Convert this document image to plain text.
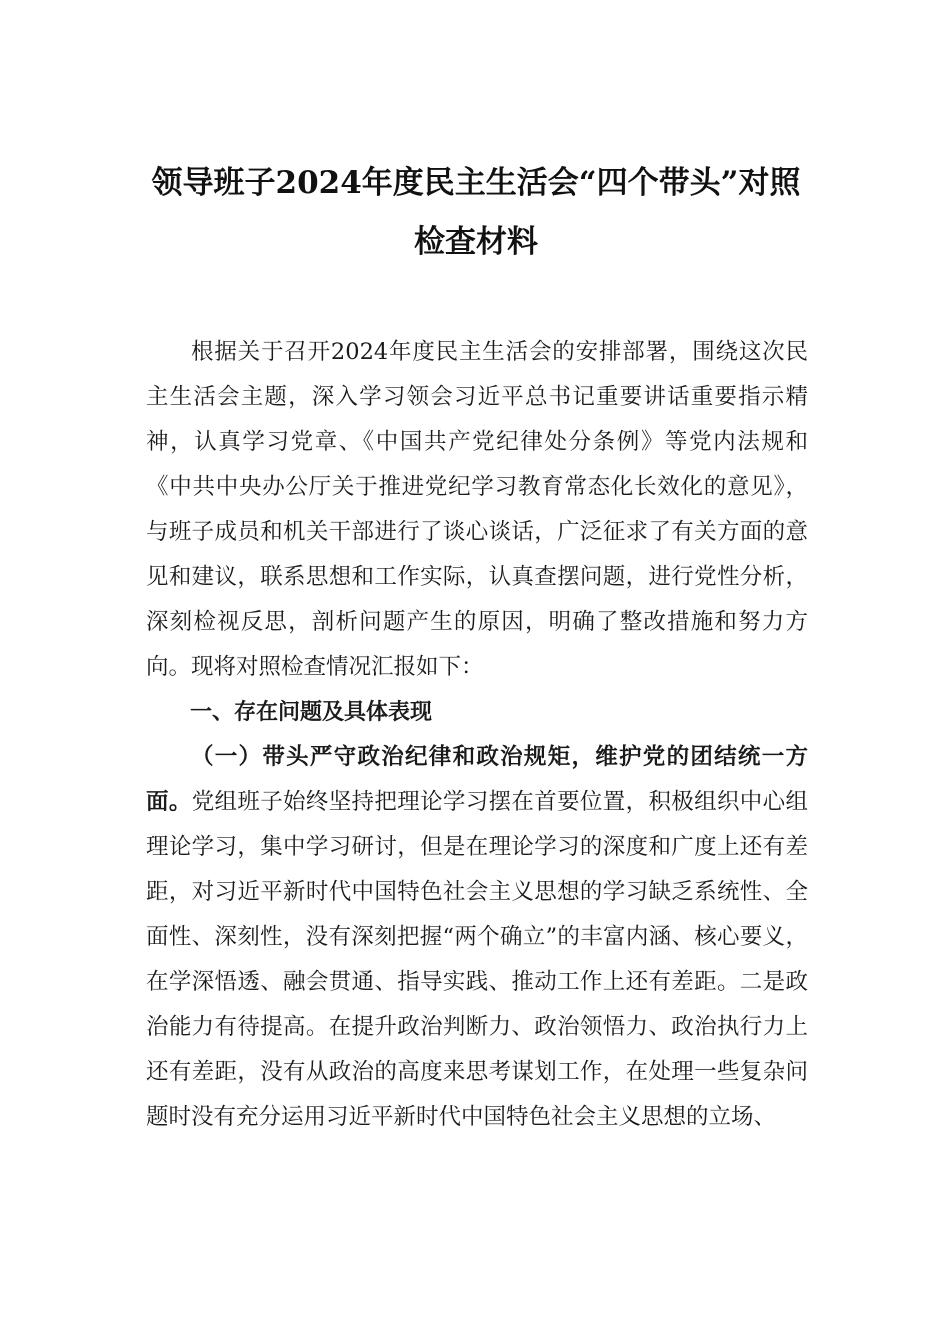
领导班子2024年度民主生活会“四个带头”对照检查材料

根据关于召开2024年度民主生活会的安排部署，围绕这次民主生活会主题，深入学习领会习近平总书记重要讲话重要指示精神，认真学习党章、《中国共产党纪律处分条例》等党内法规和《中共中央办公厅关于推进党纪学习教育常态化长效化的意见》，与班子成员和机关干部进行了谈心谈话，广泛征求了有关方面的意见和建议，联系思想和工作实际，认真查摆问题，进行党性分析，深刻检视反思，剖析问题产生的原因，明确了整改措施和努力方向。现将对照检查情况汇报如下：

一、存在问题及具体表现

（一）带头严守政治纪律和政治规矩，维护党的团结统一方面。党组班子始终坚持把理论学习摆在首要位置，积极组织中心组理论学习，集中学习研讨，但是在理论学习的深度和广度上还有差距，对习近平新时代中国特色社会主义思想的学习缺乏系统性、全面性、深刻性，没有深刻把握“两个确立”的丰富内涵、核心要义，在学深悟透、融会贯通、指导实践、推动工作上还有差距。二是政治能力有待提高。在提升政治判断力、政治领悟力、政治执行力上还有差距，没有从政治的高度来思考谋划工作，在处理一些复杂问题时没有充分运用习近平新时代中国特色社会主义思想的立场、
